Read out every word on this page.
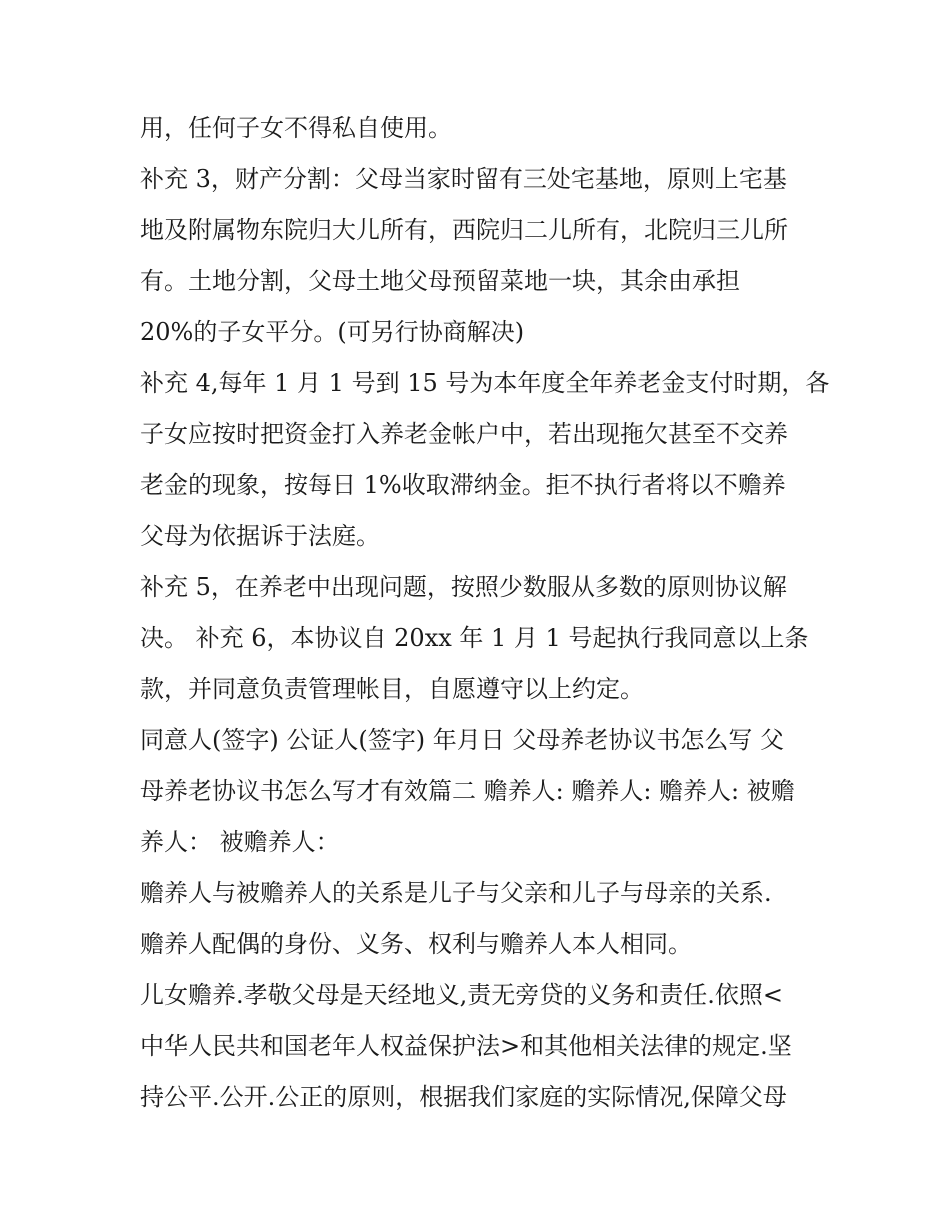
用，任何子女不得私自使用。
补充 3，财产分割：父母当家时留有三处宅基地，原则上宅基
地及附属物东院归大儿所有，西院归二儿所有，北院归三儿所
有。土地分割，父母土地父母预留菜地一块，其余由承担
20%的子女平分。(可另行协商解决)
补充 4,每年 1 月 1 号到 15 号为本年度全年养老金支付时期，各
子女应按时把资金打入养老金帐户中，若出现拖欠甚至不交养
老金的现象，按每日 1%收取滞纳金。拒不执行者将以不赡养
父母为依据诉于法庭。
补充 5，在养老中出现问题，按照少数服从多数的原则协议解
决。 补充 6，本协议自 20xx 年 1 月 1 号起执行我同意以上条
款，并同意负责管理帐目，自愿遵守以上约定。
同意人(签字) 公证人(签字) 年月日 父母养老协议书怎么写 父
母养老协议书怎么写才有效篇二 赡养人: 赡养人: 赡养人: 被赡
养人： 被赡养人：
赡养人与被赡养人的关系是儿子与父亲和儿子与母亲的关系.
赡养人配偶的身份、义务、权利与赡养人本人相同。
儿女赡养.孝敬父母是天经地义,责无旁贷的义务和责任.依照<
中华人民共和国老年人权益保护法>和其他相关法律的规定.坚
持公平.公开.公正的原则，根据我们家庭的实际情况,保障父母
